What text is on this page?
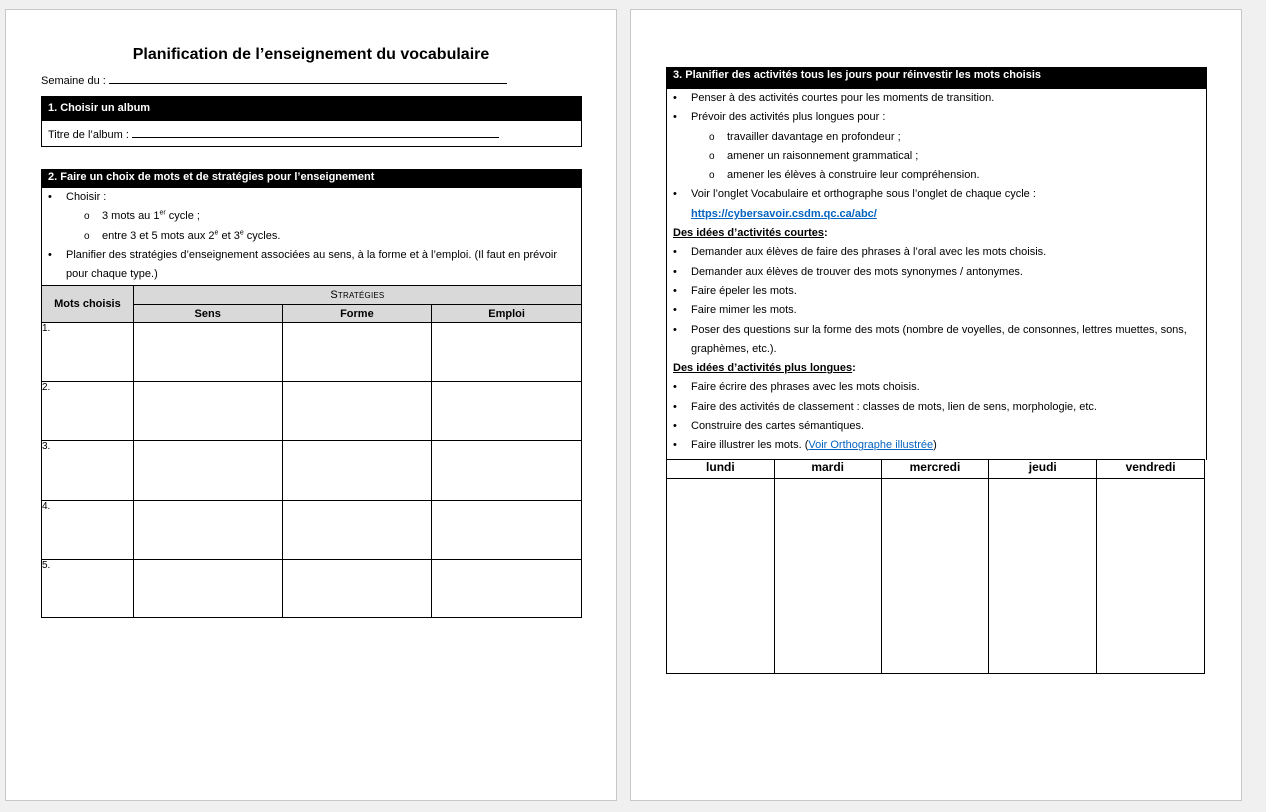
Planification de l’enseignement du vocabulaire
Semaine du :
1. Choisir un album
Titre de l’album :
2. Faire un choix de mots et de stratégies pour l’enseignement
• Choisir :
o 3 mots au 1er cycle ;
o entre 3 et 5 mots aux 2e et 3e cycles.
• Planifier des stratégies d’enseignement associées au sens, à la forme et à l’emploi. (Il faut en prévoir pour chaque type.)
Mots choisis	Stratégies		
	Sens	Forme	Emploi
1.			
2.			
3.			
4.			
5.			
3. Planifier des activités tous les jours pour réinvestir les mots choisis
• Penser à des activités courtes pour les moments de transition.
• Prévoir des activités plus longues pour :
o travailler davantage en profondeur ;
o amener un raisonnement grammatical ;
o amener les élèves à construire leur compréhension.
• Voir l’onglet Vocabulaire et orthographe sous l’onglet de chaque cycle :
https://cybersavoir.csdm.qc.ca/abc/
Des idées d’activités courtes:
• Demander aux élèves de faire des phrases à l’oral avec les mots choisis.
• Demander aux élèves de trouver des mots synonymes / antonymes.
• Faire épeler les mots.
• Faire mimer les mots.
• Poser des questions sur la forme des mots (nombre de voyelles, de consonnes, lettres muettes, sons, graphèmes, etc.).
Des idées d’activités plus longues:
• Faire écrire des phrases avec les mots choisis.
• Faire des activités de classement : classes de mots, lien de sens, morphologie, etc.
• Construire des cartes sémantiques.
• Faire illustrer les mots. (Voir Orthographe illustrée)
lundi	mardi	mercredi	jeudi	vendredi
